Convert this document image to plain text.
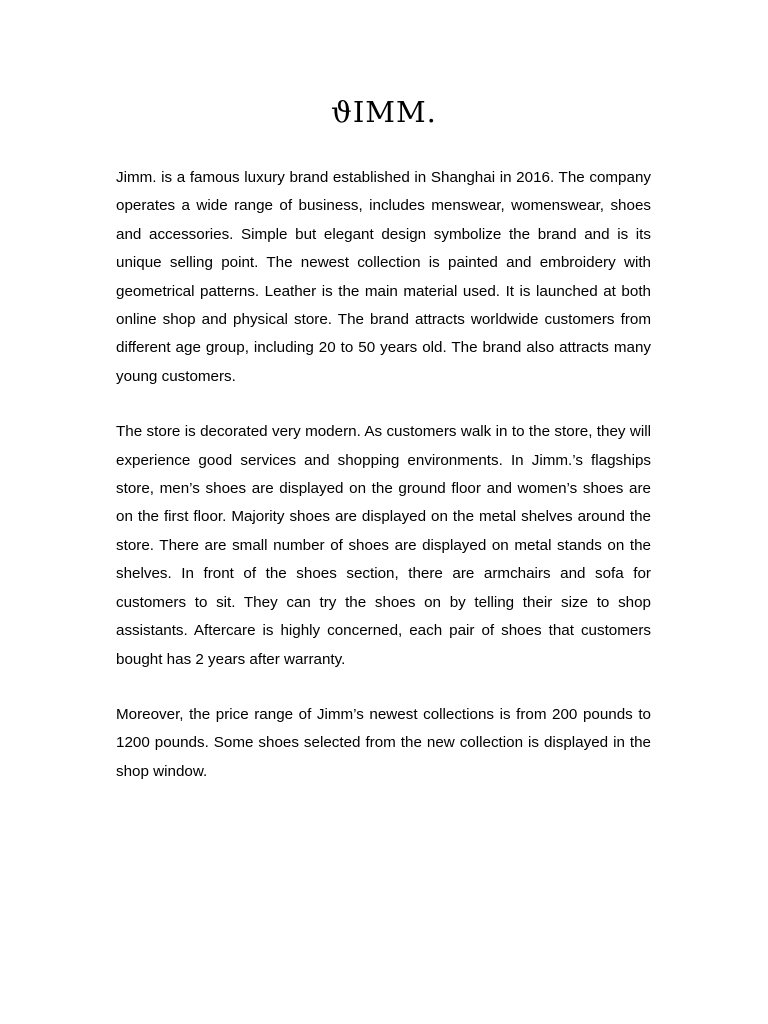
ϑIMM.

Jimm. is a famous luxury brand established in Shanghai in 2016. The company operates a wide range of business, includes menswear, womenswear, shoes and accessories. Simple but elegant design symbolize the brand and is its unique selling point. The newest collection is painted and embroidery with geometrical patterns. Leather is the main material used. It is launched at both online shop and physical store. The brand attracts worldwide customers from different age group, including 20 to 50 years old. The brand also attracts many young customers.

The store is decorated very modern. As customers walk in to the store, they will experience good services and shopping environments. In Jimm.’s flagships store, men’s shoes are displayed on the ground floor and women’s shoes are on the first floor. Majority shoes are displayed on the metal shelves around the store. There are small number of shoes are displayed on metal stands on the shelves. In front of the shoes section, there are armchairs and sofa for customers to sit. They can try the shoes on by telling their size to shop assistants. Aftercare is highly concerned, each pair of shoes that customers bought has 2 years after warranty.

Moreover, the price range of Jimm’s newest collections is from 200 pounds to 1200 pounds. Some shoes selected from the new collection is displayed in the shop window.
